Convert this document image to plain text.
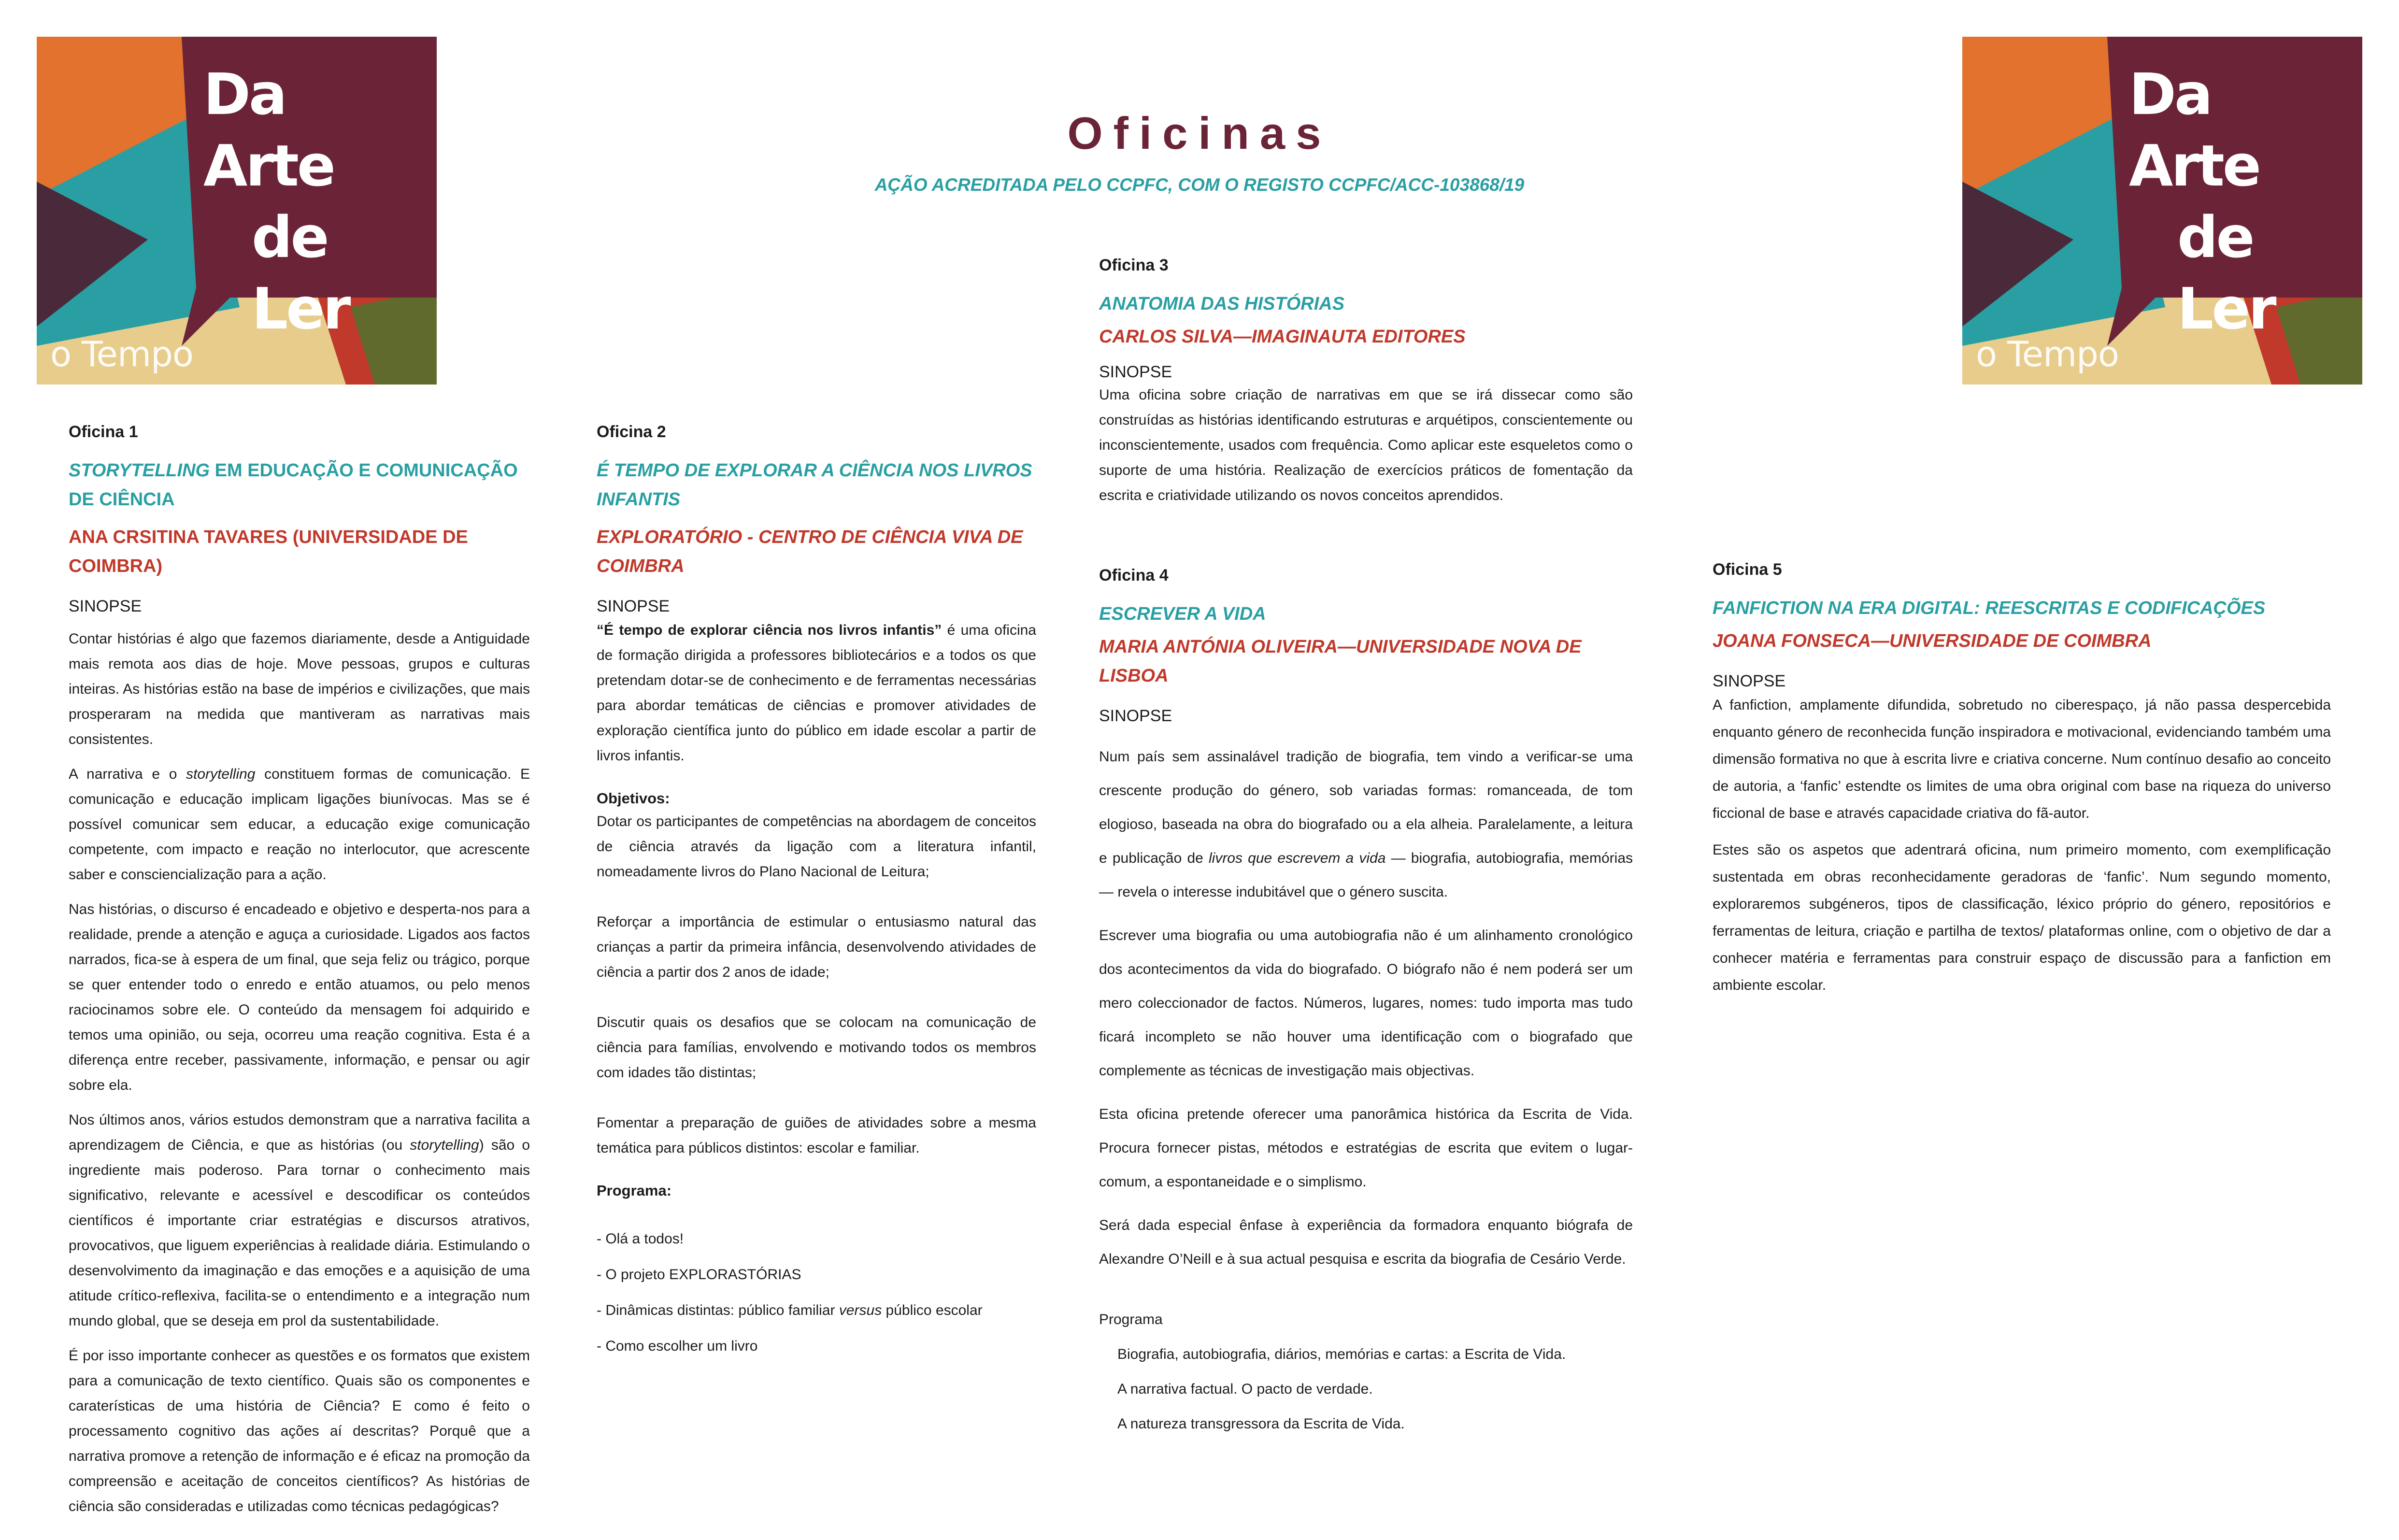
Da
Arte
de Ler
o Tempo
Da
Arte
de Ler
o Tempo
Oficinas
AÇÃO ACREDITADA PELO CCPFC, COM O REGISTO CCPFC/ACC-103868/19
Oficina 1
STORYTELLING EM EDUCAÇÃO E COMUNICAÇÃO DE CIÊNCIA
ANA CRSITINA TAVARES (UNIVERSIDADE DE COIMBRA)
SINOPSE

Contar histórias é algo que fazemos diariamente, desde a Antiguidade mais remota aos dias de hoje. Move pessoas, grupos e culturas inteiras. As histórias estão na base de impérios e civilizações, que mais prosperaram na medida que mantiveram as narrativas mais consistentes.

A narrativa e o storytelling constituem formas de comunicação. E comunicação e educação implicam ligações biunívocas. Mas se é possível comunicar sem educar, a educação exige comunicação competente, com impacto e reação no interlocutor, que acrescente saber e consciencialização para a ação.

Nas histórias, o discurso é encadeado e objetivo e desperta-nos para a realidade, prende a atenção e aguça a curiosidade. Ligados aos factos narrados, fica-se à espera de um final, que seja feliz ou trágico, porque se quer entender todo o enredo e então atuamos, ou pelo menos raciocinamos sobre ele. O conteúdo da mensagem foi adquirido e temos uma opinião, ou seja, ocorreu uma reação cognitiva. Esta é a diferença entre receber, passivamente, informação, e pensar ou agir sobre ela.

Nos últimos anos, vários estudos demonstram que a narrativa facilita a aprendizagem de Ciência, e que as histórias (ou storytelling) são o ingrediente mais poderoso. Para tornar o conhecimento mais significativo, relevante e acessível e descodificar os conteúdos científicos é importante criar estratégias e discursos atrativos, provocativos, que liguem experiências à realidade diária. Estimulando o desenvolvimento da imaginação e das emoções e a aquisição de uma atitude crítico-reflexiva, facilita-se o entendimento e a integração num mundo global, que se deseja em prol da sustentabilidade.

É por isso importante conhecer as questões e os formatos que existem para a comunicação de texto científico. Quais são os componentes e caraterísticas de uma história de Ciência? E como é feito o processamento cognitivo das ações aí descritas? Porquê que a narrativa promove a retenção de informação e é eficaz na promoção da compreensão e aceitação de conceitos científicos? As histórias de ciência são consideradas e utilizadas como técnicas pedagógicas?

Oficina 2
É TEMPO DE EXPLORAR A CIÊNCIA NOS LIVROS INFANTIS
EXPLORATÓRIO - CENTRO DE CIÊNCIA VIVA DE COIMBRA
SINOPSE

“É tempo de explorar ciência nos livros infantis” é uma oficina de formação dirigida a professores bibliotecários e a todos os que pretendam dotar-se de conhecimento e de ferramentas necessárias para abordar temáticas de ciências e promover atividades de exploração científica junto do público em idade escolar a partir de livros infantis.

Objetivos:

Dotar os participantes de competências na abordagem de conceitos de ciência através da ligação com a literatura infantil, nomeadamente livros do Plano Nacional de Leitura;

Reforçar a importância de estimular o entusiasmo natural das crianças a partir da primeira infância, desenvolvendo atividades de ciência a partir dos 2 anos de idade;

Discutir quais os desafios que se colocam na comunicação de ciência para famílias, envolvendo e motivando todos os membros com idades tão distintas;

Fomentar a preparação de guiões de atividades sobre a mesma temática para públicos distintos: escolar e familiar.

Programa:
- Olá a todos!
- O projeto EXPLORASTÓRIAS
- Dinâmicas distintas: público familiar versus público escolar
- Como escolher um livro
Oficina 3
ANATOMIA DAS HISTÓRIAS
CARLOS SILVA—IMAGINAUTA EDITORES
SINOPSE

Uma oficina sobre criação de narrativas em que se irá dissecar como são construídas as histórias identificando estruturas e arquétipos, conscientemente ou inconscientemente, usados com frequência. Como aplicar este esqueletos como o suporte de uma história. Realização de exercícios práticos de fomentação da escrita e criatividade utilizando os novos conceitos aprendidos.

Oficina 4
ESCREVER A VIDA
MARIA ANTÓNIA OLIVEIRA—UNIVERSIDADE NOVA DE LISBOA
SINOPSE

Num país sem assinalável tradição de biografia, tem vindo a verificar-se uma crescente produção do género, sob variadas formas: romanceada, de tom elogioso, baseada na obra do biografado ou a ela alheia. Paralelamente, a leitura e publicação de livros que escrevem a vida — biografia, autobiografia, memórias — revela o interesse indubitável que o género suscita.

Escrever uma biografia ou uma autobiografia não é um alinhamento cronológico dos acontecimentos da vida do biografado. O biógrafo não é nem poderá ser um mero coleccionador de factos. Números, lugares, nomes: tudo importa mas tudo ficará incompleto se não houver uma identificação com o biografado que complemente as técnicas de investigação mais objectivas.

Esta oficina pretende oferecer uma panorâmica histórica da Escrita de Vida. Procura fornecer pistas, métodos e estratégias de escrita que evitem o lugar-comum, a espontaneidade e o simplismo.

Será dada especial ênfase à experiência da formadora enquanto biógrafa de Alexandre O’Neill e à sua actual pesquisa e escrita da biografia de Cesário Verde.

Programa
Biografia, autobiografia, diários, memórias e cartas: a Escrita de Vida.
A narrativa factual. O pacto de verdade.
A natureza transgressora da Escrita de Vida.
Oficina 5
FANFICTION NA ERA DIGITAL: REESCRITAS E CODIFICAÇÕES
JOANA FONSECA—UNIVERSIDADE DE COIMBRA
SINOPSE

A fanfiction, amplamente difundida, sobretudo no ciberespaço, já não passa despercebida enquanto género de reconhecida função inspiradora e motivacional, evidenciando também uma dimensão formativa no que à escrita livre e criativa concerne. Num contínuo desafio ao conceito de autoria, a ‘fanfic’ estendte os limites de uma obra original com base na riqueza do universo ficcional de base e através capacidade criativa do fã-autor.

Estes são os aspetos que adentrará oficina, num primeiro momento, com exemplificação sustentada em obras reconhecidamente geradoras de ‘fanfic’. Num segundo momento, exploraremos subgéneros, tipos de classificação, léxico próprio do género, repositórios e ferramentas de leitura, criação e partilha de textos/ plataformas online, com o objetivo de dar a conhecer matéria e ferramentas para construir espaço de discussão para a fanfiction em ambiente escolar.
